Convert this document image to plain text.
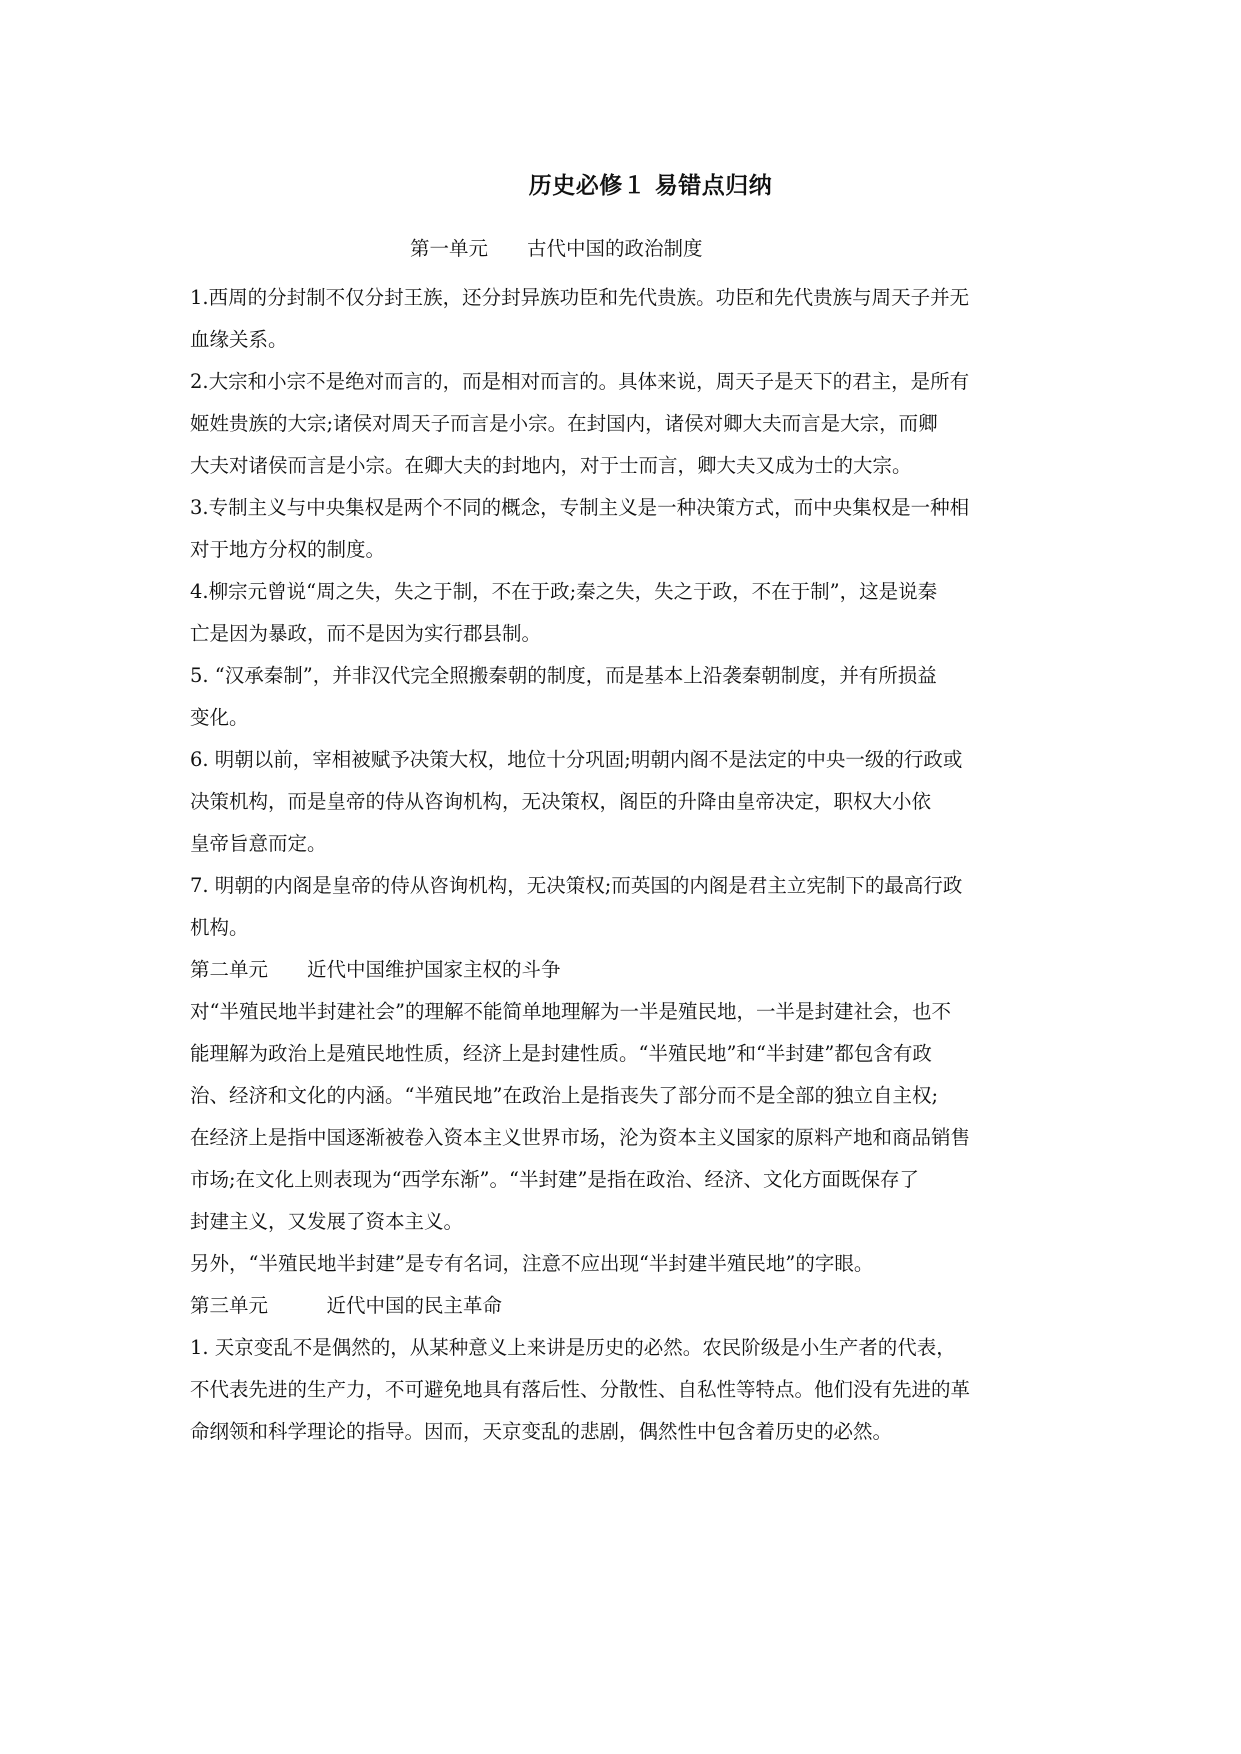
历史必修１ 易错点归纳
第一单元　　古代中国的政治制度
1.西周的分封制不仅分封王族，还分封异族功臣和先代贵族。功臣和先代贵族与周天子并无
血缘关系。
2.大宗和小宗不是绝对而言的，而是相对而言的。具体来说，周天子是天下的君主，是所有
姬姓贵族的大宗;诸侯对周天子而言是小宗。在封国内，诸侯对卿大夫而言是大宗，而卿
大夫对诸侯而言是小宗。在卿大夫的封地内，对于士而言，卿大夫又成为士的大宗。
3.专制主义与中央集权是两个不同的概念，专制主义是一种决策方式，而中央集权是一种相
对于地方分权的制度。
4.柳宗元曾说“周之失，失之于制，不在于政;秦之失，失之于政，不在于制”，这是说秦
亡是因为暴政，而不是因为实行郡县制。
5. “汉承秦制”，并非汉代完全照搬秦朝的制度，而是基本上沿袭秦朝制度，并有所损益
变化。
6. 明朝以前，宰相被赋予决策大权，地位十分巩固;明朝内阁不是法定的中央一级的行政或
决策机构，而是皇帝的侍从咨询机构，无决策权，阁臣的升降由皇帝决定，职权大小依
皇帝旨意而定。
7. 明朝的内阁是皇帝的侍从咨询机构，无决策权;而英国的内阁是君主立宪制下的最高行政
机构。
第二单元　　近代中国维护国家主权的斗争
对“半殖民地半封建社会”的理解不能简单地理解为一半是殖民地，一半是封建社会，也不
能理解为政治上是殖民地性质，经济上是封建性质。“半殖民地”和“半封建”都包含有政
治、经济和文化的内涵。“半殖民地”在政治上是指丧失了部分而不是全部的独立自主权;
在经济上是指中国逐渐被卷入资本主义世界市场，沦为资本主义国家的原料产地和商品销售
市场;在文化上则表现为“西学东渐”。“半封建”是指在政治、经济、文化方面既保存了
封建主义，又发展了资本主义。
另外，“半殖民地半封建”是专有名词，注意不应出现“半封建半殖民地”的字眼。
第三单元　　　近代中国的民主革命
1. 天京变乱不是偶然的，从某种意义上来讲是历史的必然。农民阶级是小生产者的代表，
不代表先进的生产力，不可避免地具有落后性、分散性、自私性等特点。他们没有先进的革
命纲领和科学理论的指导。因而，天京变乱的悲剧，偶然性中包含着历史的必然。
